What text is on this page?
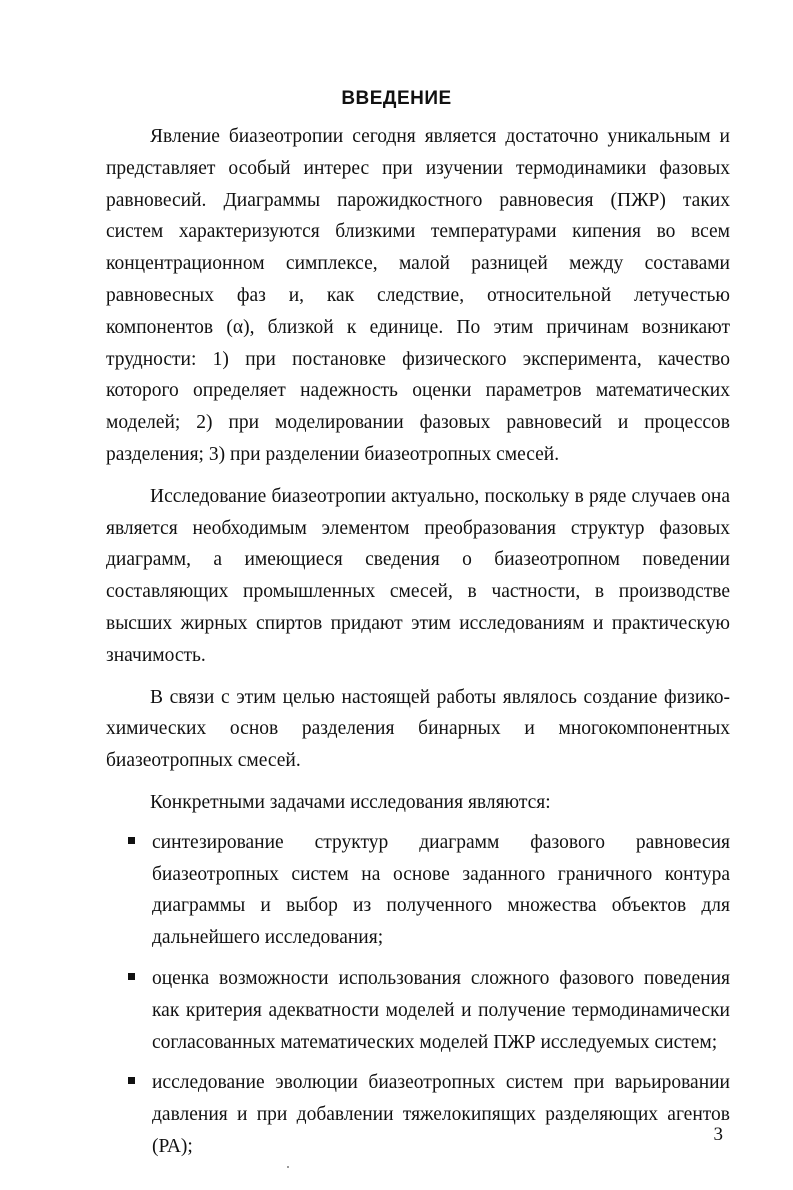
ВВЕДЕНИЕ

Явление биазеотропии сегодня является достаточно уникальным и представляет особый интерес при изучении термодинамики фазовых равновесий. Диаграммы парожидкостного равновесия (ПЖР) таких систем характеризуются близкими температурами кипения во всем концентрационном симплексе, малой разницей между составами равновесных фаз и, как следствие, относительной летучестью компонентов (α), близкой к единице. По этим причинам возникают трудности: 1) при постановке физического эксперимента, качество которого определяет надежность оценки параметров математических моделей; 2) при моделировании фазовых равновесий и процессов разделения; 3) при разделении биазеотропных смесей.

Исследование биазеотропии актуально, поскольку в ряде случаев она является необходимым элементом преобразования структур фазовых диаграмм, а имеющиеся сведения о биазеотропном поведении составляющих промышленных смесей, в частности, в производстве высших жирных спиртов придают этим исследованиям и практическую значимость.

В связи с этим целью настоящей работы являлось создание физико-химических основ разделения бинарных и многокомпонентных биазеотропных смесей.

Конкретными задачами исследования являются:

синтезирование структур диаграмм фазового равновесия биазеотропных систем на основе заданного граничного контура диаграммы и выбор из полученного множества объектов для дальнейшего исследования;
оценка возможности использования сложного фазового поведения как критерия адекватности моделей и получение термодинамически согласованных математических моделей ПЖР исследуемых систем;
исследование эволюции биазеотропных систем при варьировании давления и при добавлении тяжелокипящих разделяющих агентов (РА);
3
